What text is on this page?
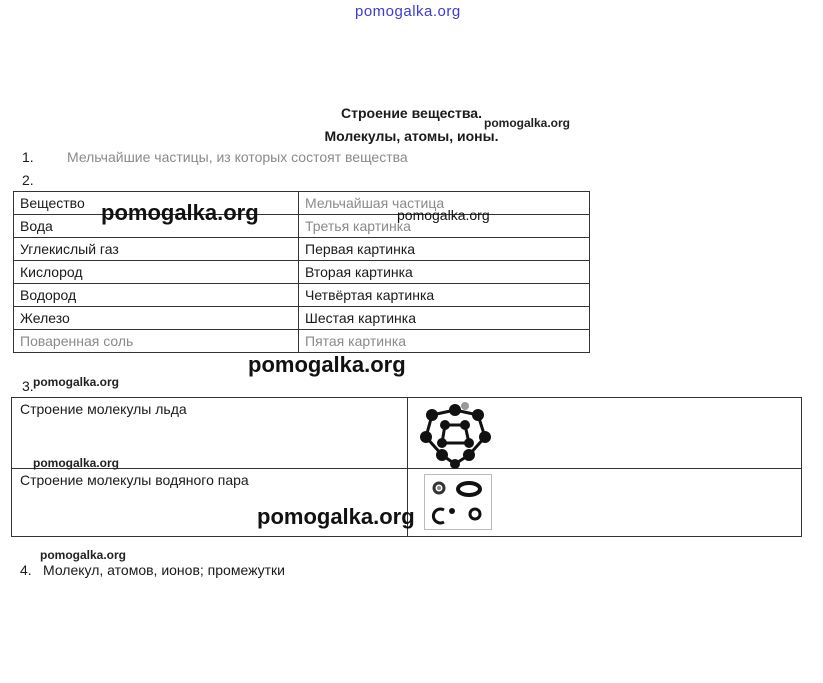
pomogalka.org
Строение вещества.
Молекулы, атомы, ионы.
pomogalka.org
1. Мельчайшие частицы, из которых состоят вещества
2.
Вещество	Мельчайшая частица
Вода	Третья картинка
Углекислый газ	Первая картинка
Кислород	Вторая картинка
Водород	Четвёртая картинка
Железо	Шестая картинка
Поваренная соль	Пятая картинка
pomogalka.org	pomogalka.org
pomogalka.org
3. pomogalka.org
Строение молекулы льда	
Строение молекулы водяного пара	
pomogalka.org
pomogalka.org
pomogalka.org
4. Молекул, атомов, ионов; промежутки
